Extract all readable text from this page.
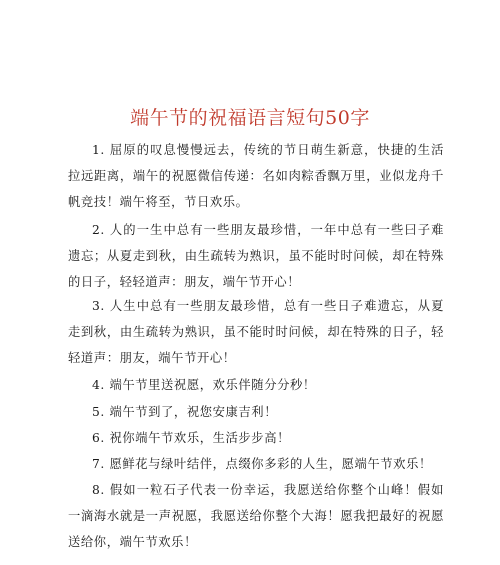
端午节的祝福语言短句50字

1. 屈原的叹息慢慢远去，传统的节日萌生新意，快捷的生活拉远距离，端午的祝愿微信传递：名如肉粽香飘万里，业似龙舟千帆竞技！端午将至，节日欢乐。

2. 人的一生中总有一些朋友最珍惜，一年中总有一些曰子难遗忘；从夏走到秋，由生疏转为熟识，虽不能时时问候，却在特殊的日子，轻轻道声：朋友，端午节开心！

3. 人生中总有一些朋友最珍惜，总有一些日子难遗忘，从夏走到秋，由生疏转为熟识，虽不能时时问候，却在特殊的日子，轻轻道声：朋友，端午节开心！

4. 端午节里送祝愿，欢乐伴随分分秒！

5. 端午节到了，祝您安康吉利！

6. 祝你端午节欢乐，生活步步高！

7. 愿鲜花与绿叶结伴，点缀你多彩的人生，愿端午节欢乐！

8. 假如一粒石子代表一份幸运，我愿送给你整个山峰！假如一滴海水就是一声祝愿，我愿送给你整个大海！愿我把最好的祝愿送给你，端午节欢乐！
